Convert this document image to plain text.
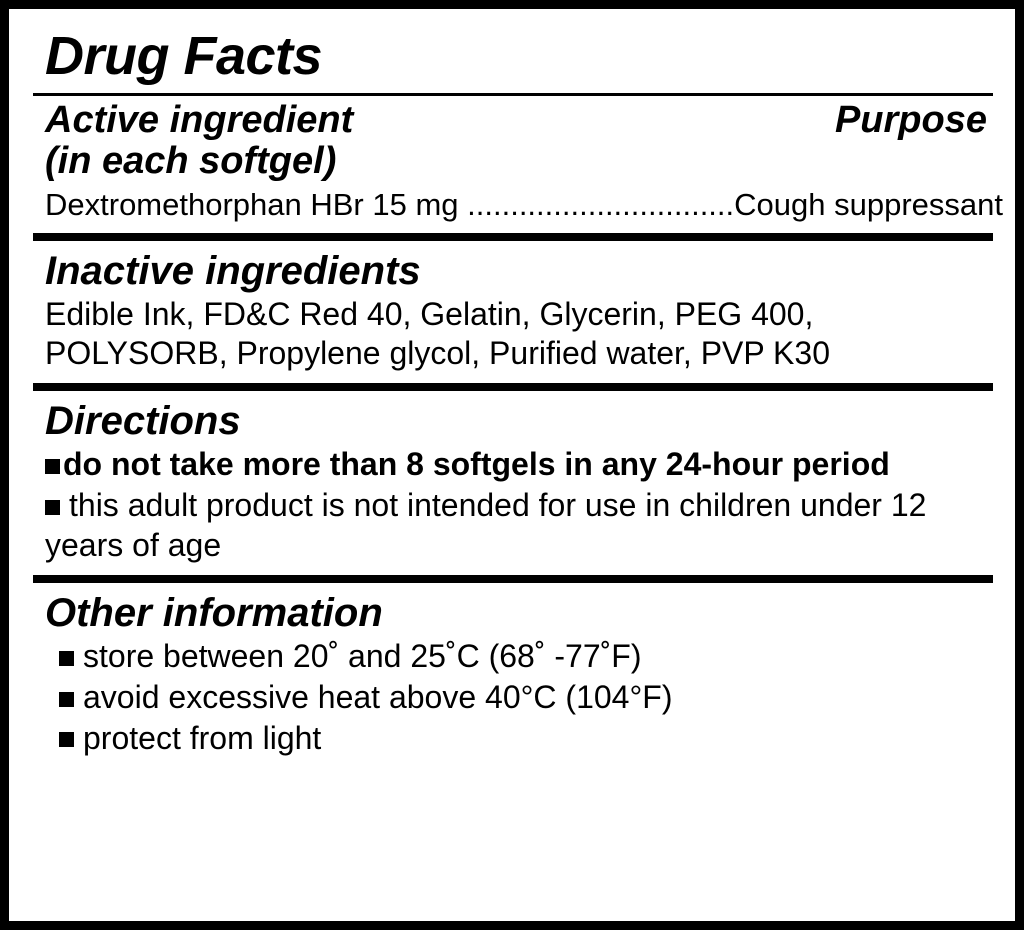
Drug Facts
Active ingredient
(in each softgel)
Purpose
Dextromethorphan HBr 15 mg ...............................Cough suppressant
Inactive ingredients
Edible Ink, FD&C Red 40, Gelatin, Glycerin, PEG 400,
POLYSORB, Propylene glycol, Purified water, PVP K30
Directions
do not take more than 8 softgels in any 24-hour period
this adult product is not intended for use in children under 12 years of age
Other information
store between 20˚ and 25˚C (68˚ -77˚F)
avoid excessive heat above 40°C (104°F)
protect from light
